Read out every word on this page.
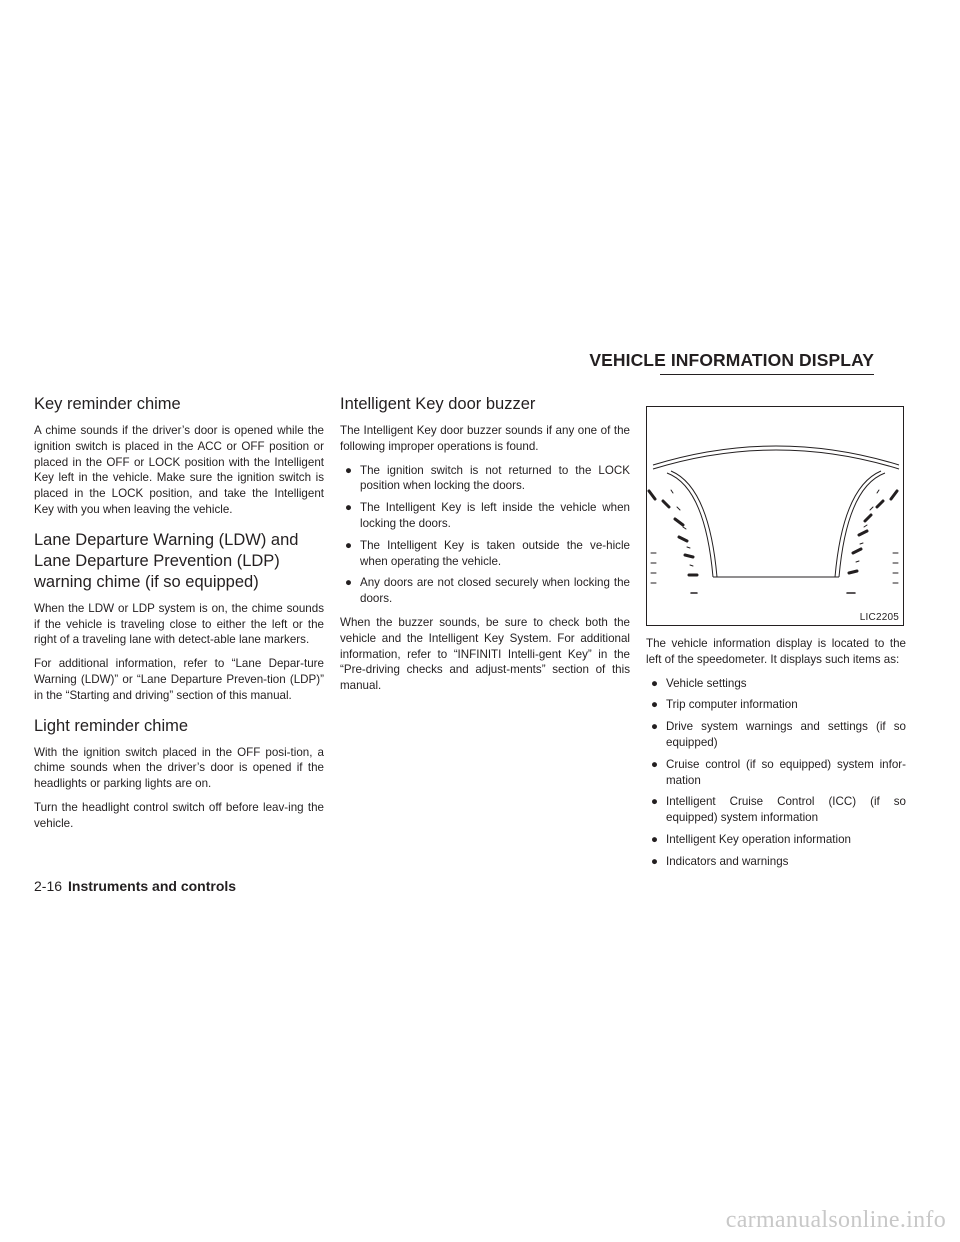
VEHICLE INFORMATION DISPLAY
Key reminder chime

A chime sounds if the driver’s door is opened while the ignition switch is placed in the ACC or OFF position or placed in the OFF or LOCK position with the Intelligent Key left in the vehicle. Make sure the ignition switch is placed in the LOCK position, and take the Intelligent Key with you when leaving the vehicle.

Lane Departure Warning (LDW) and Lane Departure Prevention (LDP) warning chime (if so equipped)

When the LDW or LDP system is on, the chime sounds if the vehicle is traveling close to either the left or the right of a traveling lane with detect-able lane markers.

For additional information, refer to “Lane Depar-ture Warning (LDW)” or “Lane Departure Preven-tion (LDP)” in the “Starting and driving” section of this manual.

Light reminder chime

With the ignition switch placed in the OFF posi-tion, a chime sounds when the driver’s door is opened if the headlights or parking lights are on.

Turn the headlight control switch off before leav-ing the vehicle.

Intelligent Key door buzzer

The Intelligent Key door buzzer sounds if any one of the following improper operations is found.

● The ignition switch is not returned to the LOCK position when locking the doors.
● The Intelligent Key is left inside the vehicle when locking the doors.
● The Intelligent Key is taken outside the ve-hicle when operating the vehicle.
● Any doors are not closed securely when locking the doors.

When the buzzer sounds, be sure to check both the vehicle and the Intelligent Key System. For additional information, refer to “INFINITI Intelli-gent Key” in the “Pre-driving checks and adjust-ments” section of this manual.

LIC2205

The vehicle information display is located to the left of the speedometer. It displays such items as:

● Vehicle settings
● Trip computer information
● Drive system warnings and settings (if so equipped)
● Cruise control (if so equipped) system infor-mation
● Intelligent Cruise Control (ICC) (if so equipped) system information
● Intelligent Key operation information
● Indicators and warnings
2-16 Instruments and controls
carmanualsonline.info
